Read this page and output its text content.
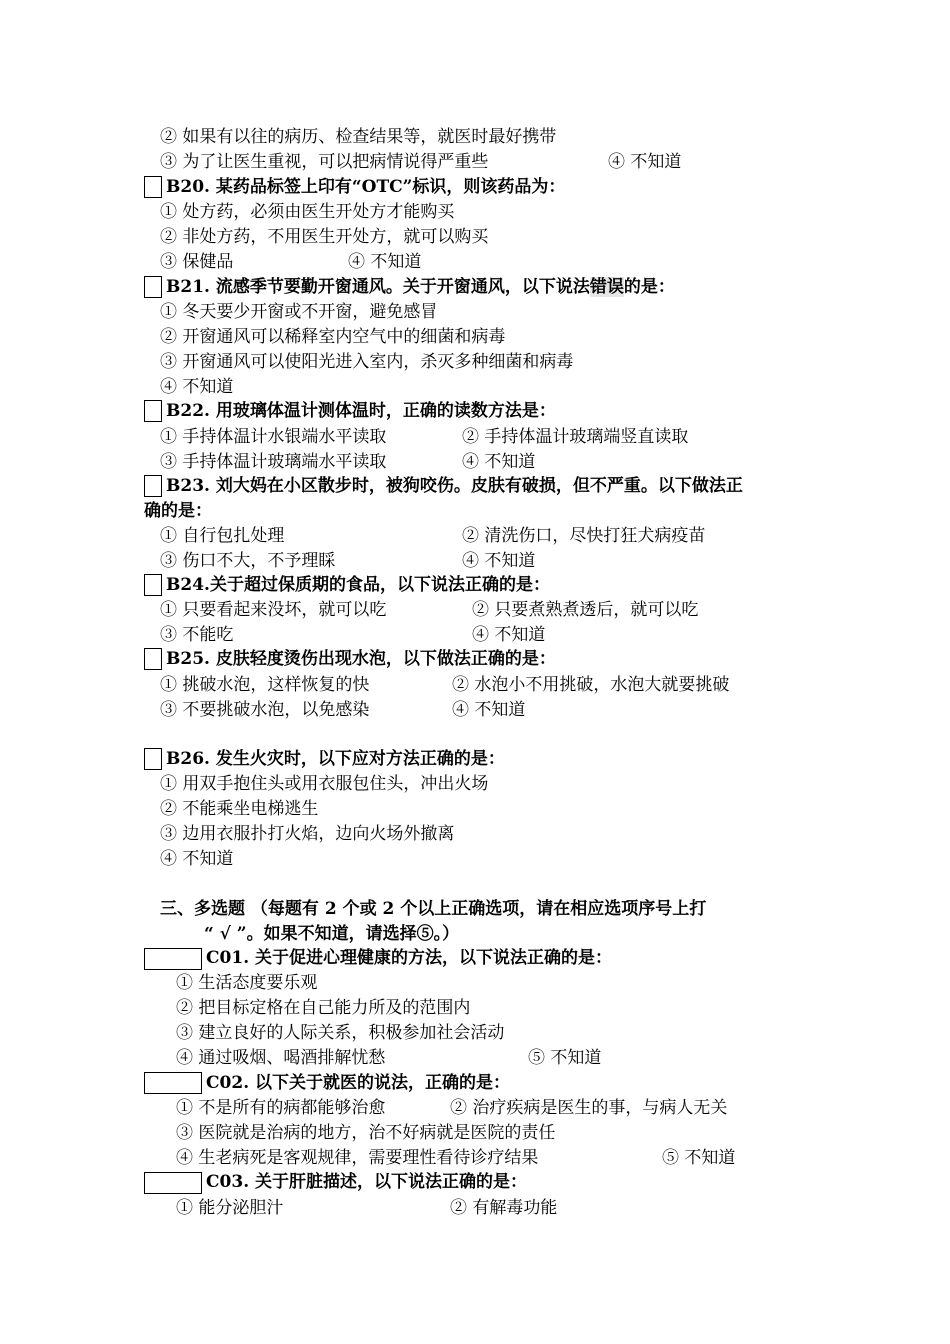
② 如果有以往的病历、检查结果等，就医时最好携带
③ 为了让医生重视，可以把病情说得严重些	④ 不知道
B20. 某药品标签上印有“OTC”标识，则该药品为：
① 处方药，必须由医生开处方才能购买
② 非处方药，不用医生开处方，就可以购买
③ 保健品	④ 不知道
B21. 流感季节要勤开窗通风。关于开窗通风，以下说法错误的是：
① 冬天要少开窗或不开窗，避免感冒
② 开窗通风可以稀释室内空气中的细菌和病毒
③ 开窗通风可以使阳光进入室内，杀灭多种细菌和病毒
④ 不知道
B22. 用玻璃体温计测体温时，正确的读数方法是：
① 手持体温计水银端水平读取	② 手持体温计玻璃端竖直读取
③ 手持体温计玻璃端水平读取	④ 不知道
B23. 刘大妈在小区散步时，被狗咬伤。皮肤有破损，但不严重。以下做法正
确的是：
① 自行包扎处理	② 清洗伤口，尽快打狂犬病疫苗
③ 伤口不大，不予理睬	④ 不知道
B24.关于超过保质期的食品，以下说法正确的是：
① 只要看起来没坏，就可以吃	② 只要煮熟煮透后，就可以吃
③ 不能吃	④ 不知道
B25. 皮肤轻度烫伤出现水泡，以下做法正确的是：
① 挑破水泡，这样恢复的快	② 水泡小不用挑破，水泡大就要挑破
③ 不要挑破水泡，以免感染	④ 不知道
B26. 发生火灾时，以下应对方法正确的是：
① 用双手抱住头或用衣服包住头，冲出火场
② 不能乘坐电梯逃生
③ 边用衣服扑打火焰，边向火场外撤离
④ 不知道
三、多选题 （每题有 2 个或 2 个以上正确选项，请在相应选项序号上打
“ √ ”。如果不知道，请选择⑤。）
C01. 关于促进心理健康的方法，以下说法正确的是：
① 生活态度要乐观
② 把目标定格在自己能力所及的范围内
③ 建立良好的人际关系，积极参加社会活动
④ 通过吸烟、喝酒排解忧愁	⑤ 不知道
C02. 以下关于就医的说法，正确的是：
① 不是所有的病都能够治愈	② 治疗疾病是医生的事，与病人无关
③ 医院就是治病的地方，治不好病就是医院的责任
④ 生老病死是客观规律，需要理性看待诊疗结果	⑤ 不知道
C03. 关于肝脏描述，以下说法正确的是：
① 能分泌胆汁	② 有解毒功能
